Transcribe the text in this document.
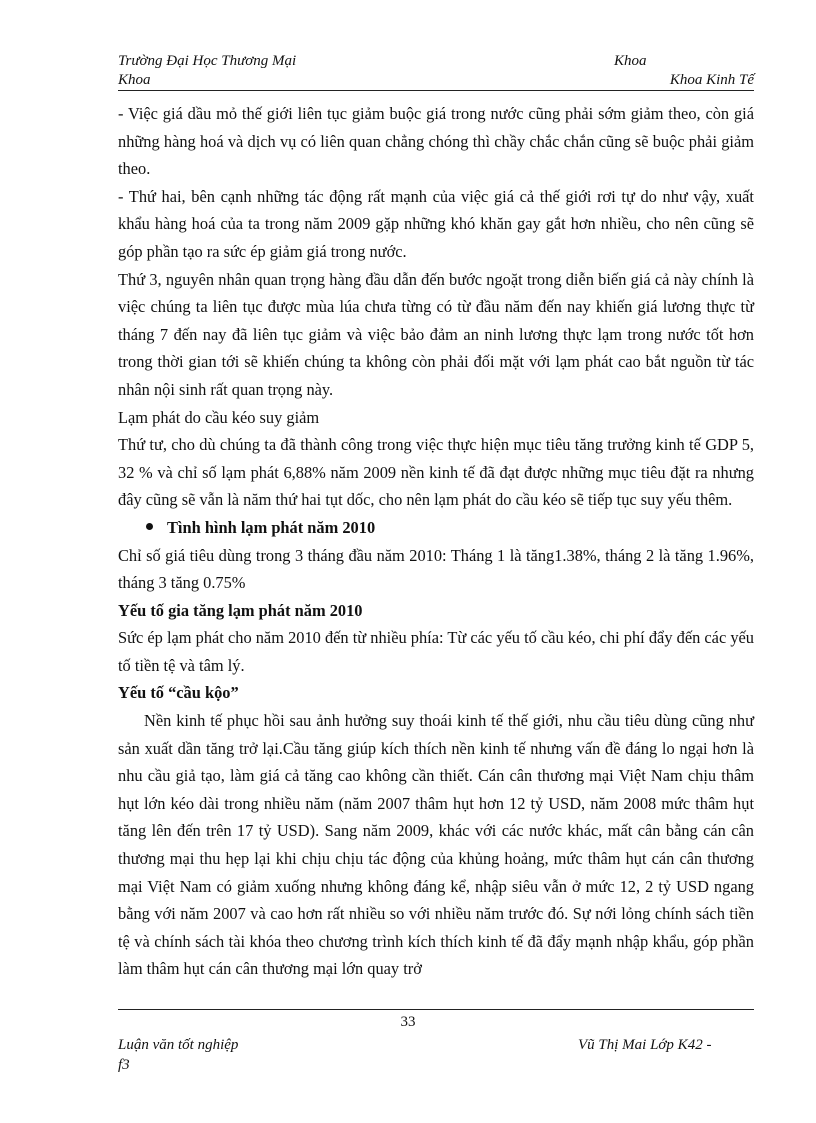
Trường Đại Học Thương Mại	Khoa
Khoa	Khoa Kinh Tế

- Việc giá dầu mỏ thế giới liên tục giảm buộc giá trong nước cũng phải sớm giảm theo, còn giá những hàng hoá và dịch vụ có liên quan chẳng chóng thì chầy chắc chắn cũng sẽ buộc phải giảm theo.

- Thứ hai, bên cạnh những tác động rất mạnh của việc giá cả thế giới rơi tự do như vậy, xuất khẩu hàng hoá của ta trong năm 2009 gặp những khó khăn gay gắt hơn nhiều, cho nên cũng sẽ góp phần tạo ra sức ép giảm giá trong nước.

Thứ 3, nguyên nhân quan trọng hàng đầu dẫn đến bước ngoặt trong diễn biến giá cả này chính là việc chúng ta liên tục được mùa lúa chưa từng có từ đầu năm đến nay khiến giá lương thực từ tháng 7 đến nay đã liên tục giảm và việc bảo đảm an ninh lương thực lạm trong nước tốt hơn trong thời gian tới sẽ khiến chúng ta không còn phải đối mặt với lạm phát cao bắt nguồn từ tác nhân nội sinh rất quan trọng này.

Lạm phát do cầu kéo suy giảm

Thứ tư, cho dù chúng ta đã thành công trong việc thực hiện mục tiêu tăng trưởng kinh tế GDP 5, 32 % và chỉ số lạm phát 6,88% năm 2009 nền kinh tế đã đạt được những mục tiêu đặt ra nhưng đây cũng sẽ vẫn là năm thứ hai tụt dốc, cho nên lạm phát do cầu kéo sẽ tiếp tục suy yếu thêm.

Tình hình lạm phát năm 2010

Chỉ số giá tiêu dùng trong 3 tháng đầu năm 2010: Tháng 1 là tăng1.38%, tháng 2 là tăng 1.96%, tháng 3 tăng 0.75%

Yếu tố gia tăng lạm phát năm 2010

Sức ép lạm phát cho năm 2010 đến từ nhiều phía: Từ các yếu tố cầu kéo, chi phí đẩy đến các yếu tố tiền tệ và tâm lý.

Yếu tố “cầu kộo”

Nền kinh tế phục hồi sau ảnh hưởng suy thoái kinh tế thế giới, nhu cầu tiêu dùng cũng như sản xuất dần tăng trở lại.Cầu tăng giúp kích thích nền kinh tế nhưng vấn đề đáng lo ngại hơn là nhu cầu giả tạo, làm giá cả tăng cao không cần thiết. Cán cân thương mại Việt Nam chịu thâm hụt lớn kéo dài trong nhiều năm (năm 2007 thâm hụt hơn 12 tỷ USD, năm 2008 mức thâm hụt tăng lên đến trên 17 tỷ USD). Sang năm 2009, khác với các nước khác, mất cân bằng cán cân thương mại thu hẹp lại khi chịu chịu tác động của khủng hoảng, mức thâm hụt cán cân thương mại Việt Nam có giảm xuống nhưng không đáng kể, nhập siêu vẫn ở mức 12, 2 tỷ USD ngang bằng với năm 2007 và cao hơn rất nhiều so với nhiều năm trước đó. Sự nới lỏng chính sách tiền tệ và chính sách tài khóa theo chương trình kích thích kinh tế đã đẩy mạnh nhập khẩu, góp phần làm thâm hụt cán cân thương mại lớn quay trở

33
Luận văn tốt nghiệp	Vũ Thị Mai Lớp K42 -
f3
